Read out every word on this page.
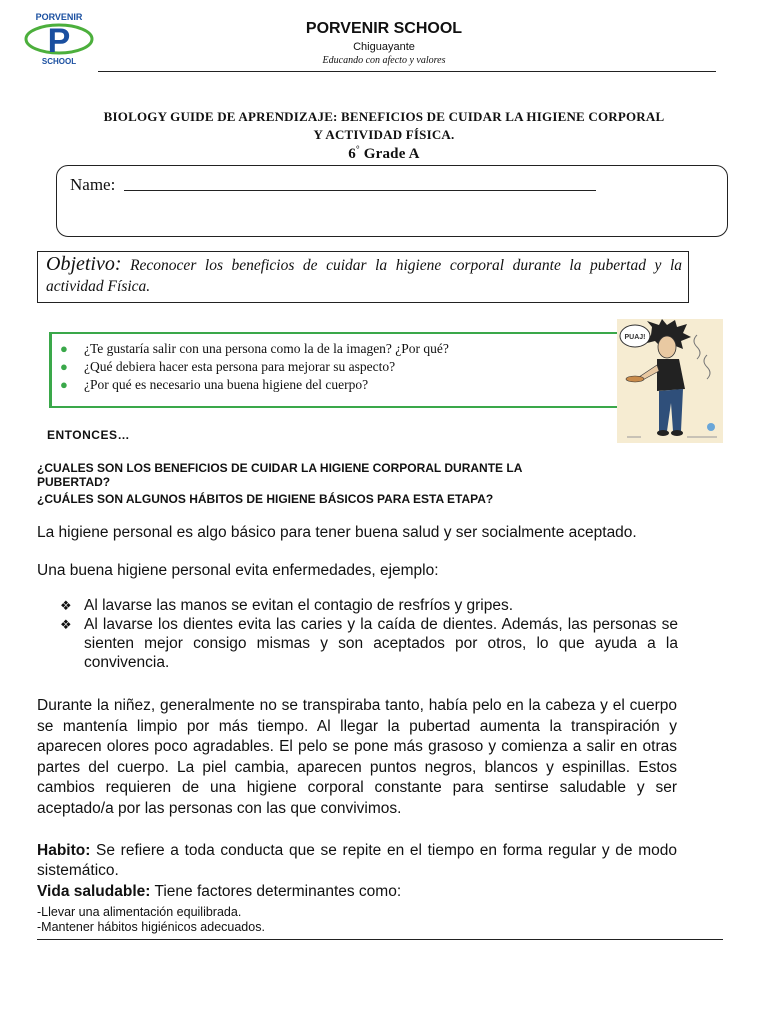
P
PORVENIR
SCHOOL
PORVENIR SCHOOL
Chiguayante
Educando con afecto y valores
BIOLOGY GUIDE DE APRENDIZAJE: BENEFICIOS DE CUIDAR LA HIGIENE CORPORAL
Y ACTIVIDAD FÍSICA.
6° Grade A
Name:
Objetivo: Reconocer los beneficios de cuidar la higiene corporal durante la pubertad y la actividad Física.
● ¿Te gustaría salir con una persona como la de la imagen? ¿Por qué?
● ¿Qué debiera hacer esta persona para mejorar su aspecto?
● ¿Por qué es necesario una buena higiene del cuerpo?
PUAJ!
ENTONCES…
¿CUALES SON LOS BENEFICIOS DE CUIDAR LA HIGIENE CORPORAL DURANTE LA PUBERTAD?
¿CUÁLES SON ALGUNOS HÁBITOS DE HIGIENE BÁSICOS PARA ESTA ETAPA?
La higiene personal es algo básico para tener buena salud y ser socialmente aceptado.
Una buena higiene personal evita enfermedades, ejemplo:
❖ Al lavarse las manos se evitan el contagio de resfríos y gripes.
❖ Al lavarse los dientes evita las caries y la caída de dientes. Además, las personas se sienten mejor consigo mismas y son aceptados por otros, lo que ayuda a la convivencia.
Durante la niñez, generalmente no se transpiraba tanto, había pelo en la cabeza y el cuerpo se mantenía limpio por más tiempo. Al llegar la pubertad aumenta la transpiración y aparecen olores poco agradables. El pelo se pone más grasoso y comienza a salir en otras partes del cuerpo. La piel cambia, aparecen puntos negros, blancos y espinillas. Estos cambios requieren de una higiene corporal constante para sentirse saludable y ser aceptado/a por las personas con las que convivimos.
Habito: Se refiere a toda conducta que se repite en el tiempo en forma regular y de modo sistemático.
Vida saludable: Tiene factores determinantes como:
-Llevar una alimentación equilibrada.
-Mantener hábitos higiénicos adecuados.
